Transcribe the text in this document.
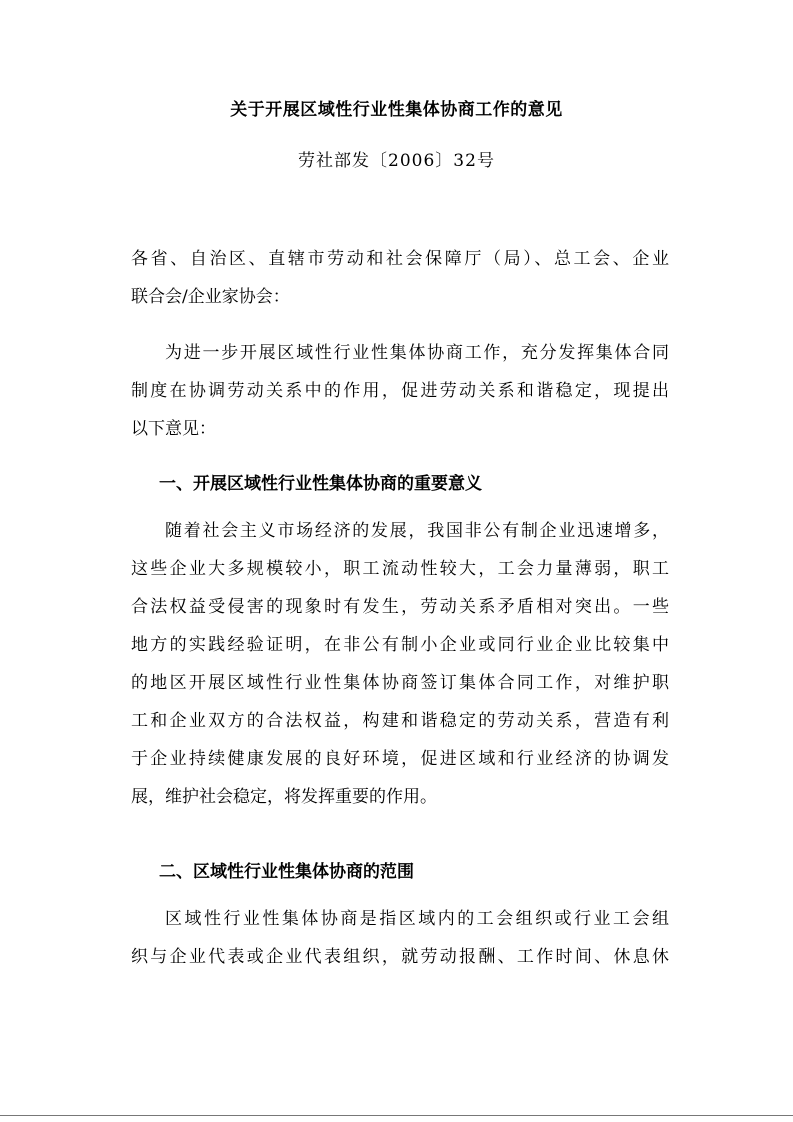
关于开展区域性行业性集体协商工作的意见
劳社部发〔2006〕32号
各省、自治区、直辖市劳动和社会保障厅（局）、总工会、企业
联合会/企业家协会：
为进一步开展区域性行业性集体协商工作，充分发挥集体合同
制度在协调劳动关系中的作用，促进劳动关系和谐稳定，现提出
以下意见：
一、开展区域性行业性集体协商的重要意义
随着社会主义市场经济的发展，我国非公有制企业迅速增多，
这些企业大多规模较小，职工流动性较大，工会力量薄弱，职工
合法权益受侵害的现象时有发生，劳动关系矛盾相对突出。一些
地方的实践经验证明，在非公有制小企业或同行业企业比较集中
的地区开展区域性行业性集体协商签订集体合同工作，对维护职
工和企业双方的合法权益，构建和谐稳定的劳动关系，营造有利
于企业持续健康发展的良好环境，促进区域和行业经济的协调发
展，维护社会稳定，将发挥重要的作用。
二、区域性行业性集体协商的范围
区域性行业性集体协商是指区域内的工会组织或行业工会组
织与企业代表或企业代表组织，就劳动报酬、工作时间、休息休
